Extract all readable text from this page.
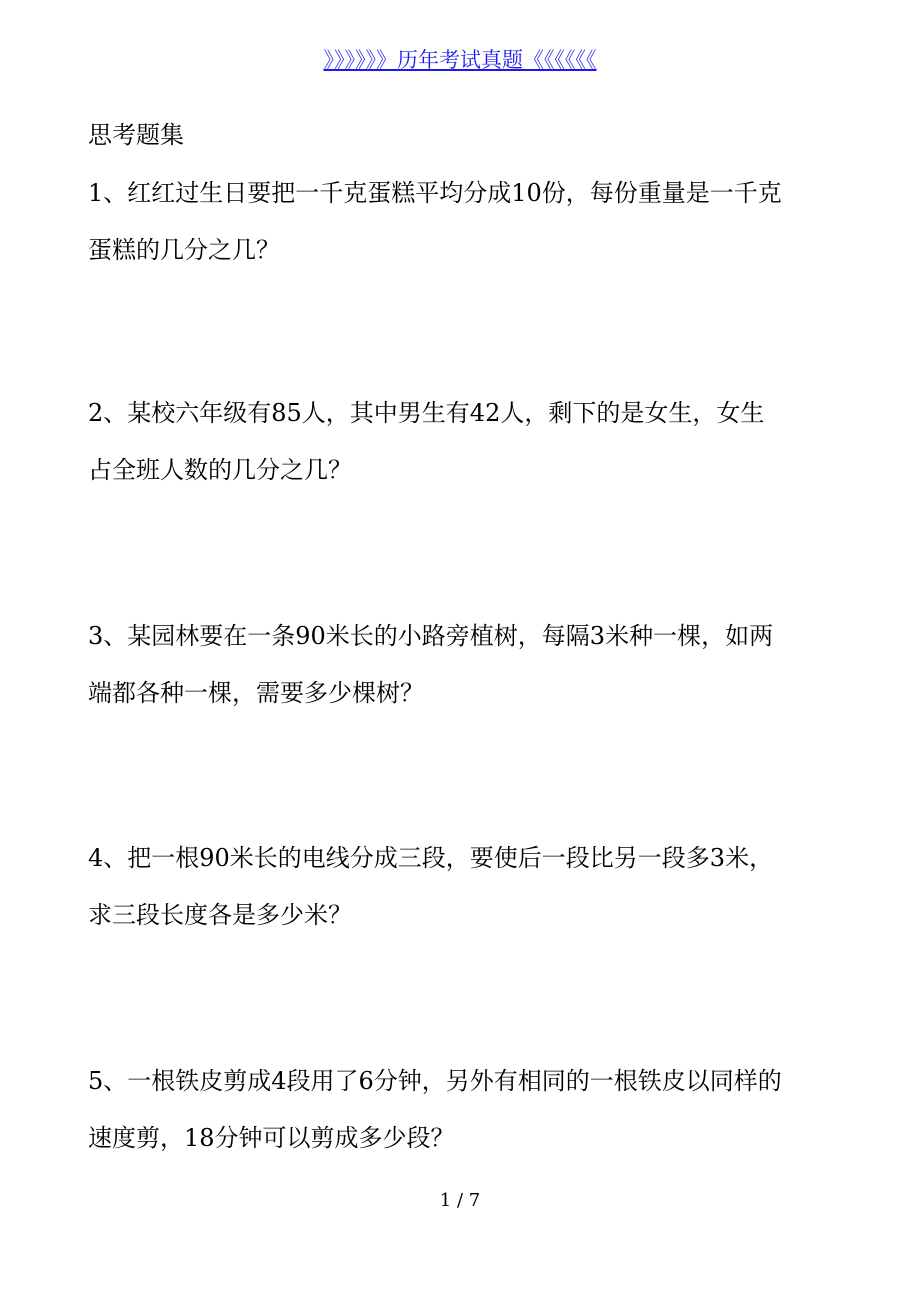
》》》》》》历年考试真题《《《《《《
思考题集
1、红红过生日要把一千克蛋糕平均分成10份，每份重量是一千克蛋糕的几分之几？
2、某校六年级有85人，其中男生有42人，剩下的是女生，女生占全班人数的几分之几？
3、某园林要在一条90米长的小路旁植树，每隔3米种一棵，如两端都各种一棵，需要多少棵树？
4、把一根90米长的电线分成三段，要使后一段比另一段多3米，求三段长度各是多少米？
5、一根铁皮剪成4段用了6分钟，另外有相同的一根铁皮以同样的速度剪，18分钟可以剪成多少段？
1 / 7
